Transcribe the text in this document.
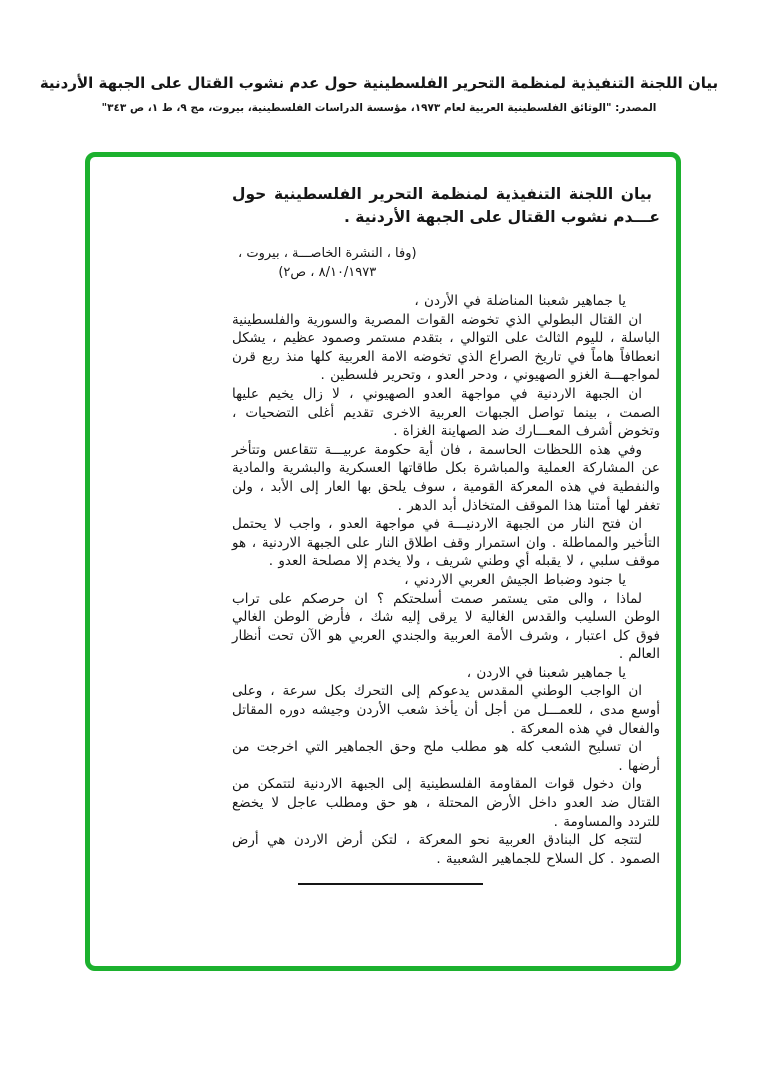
بيان اللجنة التنفيذية لمنظمة التحرير الفلسطينية حول عدم نشوب القتال على الجبهة الأردنية
المصدر: "الوثائق الفلسطينية العربية لعام ١٩٧٣، مؤسسة الدراسات الفلسطينية، بيروت، مج ٩، ط ١، ص ٣٤٣"
بيان اللجنة التنفيذية لمنظمة التحرير الفلسطينية حول عـــدم نشوب القتال على الجبهة الأردنية .
(وفا ، النشرة الخاصـــة ، بيروت ،
٨/١٠/١٩٧٣ ، ص٢)

يا جماهير شعبنا المناضلة في الأردن ،

ان القتال البطولي الذي تخوضه القوات المصرية والسورية والفلسطينية الباسلة ، لليوم الثالث على التوالي ، بتقدم مستمر وصمود عظيم ، يشكل انعطافاً هاماً في تاريخ الصراع الذي تخوضه الامة العربية كلها منذ ربع قرن لمواجهـــة الغزو الصهيوني ، ودحر العدو ، وتحرير فلسطين .

ان الجبهة الاردنية في مواجهة العدو الصهيوني ، لا زال يخيم عليها الصمت ، بينما تواصل الجبهات العربية الاخرى تقديم أغلى التضحيات ، وتخوض أشرف المعـــارك ضد الصهاينة الغزاة .

وفي هذه اللحظات الحاسمة ، فان أية حكومة عربيـــة تتقاعس وتتأخر عن المشاركة العملية والمباشرة بكل طاقاتها العسكرية والبشرية والمادية والنفطية في هذه المعركة القومية ، سوف يلحق بها العار إلى الأبد ، ولن تغفر لها أمتنا هذا الموقف المتخاذل أبد الدهر .

ان فتح النار من الجبهة الاردنيـــة في مواجهة العدو ، واجب لا يحتمل التأخير والمماطلة . وان استمرار وقف اطلاق النار على الجبهة الاردنية ، هو موقف سلبي ، لا يقبله أي وطني شريف ، ولا يخدم إلا مصلحة العدو .

يا جنود وضباط الجيش العربي الاردني ،

لماذا ، والى متى يستمر صمت أسلحتكم ؟ ان حرصكم على تراب الوطن السليب والقدس الغالية لا يرقى إليه شك ، فأرض الوطن الغالي فوق كل اعتبار ، وشرف الأمة العربية والجندي العربي هو الآن تحت أنظار العالم .

يا جماهير شعبنا في الاردن ،

ان الواجب الوطني المقدس يدعوكم إلى التحرك بكل سرعة ، وعلى أوسع مدى ، للعمـــل من أجل أن يأخذ شعب الأردن وجيشه دوره المقاتل والفعال في هذه المعركة .

ان تسليح الشعب كله هو مطلب ملح وحق الجماهير التي اخرجت من أرضها .

وان دخول قوات المقاومة الفلسطينية إلى الجبهة الاردنية لتتمكن من القتال ضد العدو داخل الأرض المحتلة ، هو حق ومطلب عاجل لا يخضع للتردد والمساومة .

لتتجه كل البنادق العربية نحو المعركة ، لتكن أرض الاردن هي أرض الصمود . كل السلاح للجماهير الشعبية .
